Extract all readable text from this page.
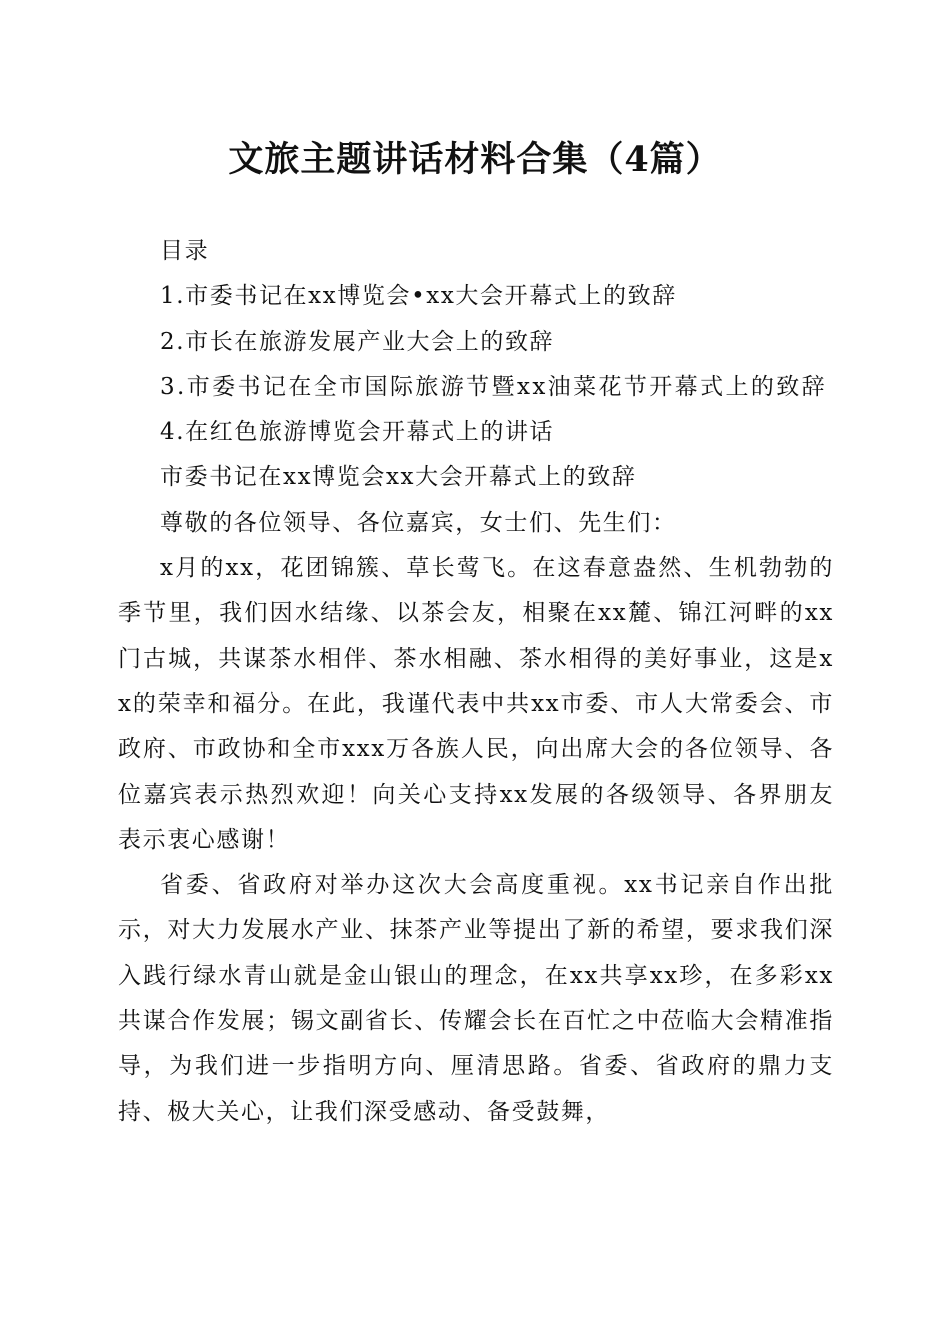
文旅主题讲话材料合集（4篇）

目录

1.市委书记在xx博览会•xx大会开幕式上的致辞

2.市长在旅游发展产业大会上的致辞

3.市委书记在全市国际旅游节暨xx油菜花节开幕式上的致辞

4.在红色旅游博览会开幕式上的讲话

市委书记在xx博览会xx大会开幕式上的致辞

尊敬的各位领导、各位嘉宾，女士们、先生们：

x月的xx，花团锦簇、草长莺飞。在这春意盎然、生机勃勃的季节里，我们因水结缘、以茶会友，相聚在xx麓、锦江河畔的xx门古城，共谋茶水相伴、茶水相融、茶水相得的美好事业，这是xx的荣幸和福分。在此，我谨代表中共xx市委、市人大常委会、市政府、市政协和全市xxx万各族人民，向出席大会的各位领导、各位嘉宾表示热烈欢迎！向关心支持xx发展的各级领导、各界朋友表示衷心感谢！

省委、省政府对举办这次大会高度重视。xx书记亲自作出批示，对大力发展水产业、抹茶产业等提出了新的希望，要求我们深入践行绿水青山就是金山银山的理念，在xx共享xx珍，在多彩xx共谋合作发展；锡文副省长、传耀会长在百忙之中莅临大会精准指导，为我们进一步指明方向、厘清思路。省委、省政府的鼎力支持、极大关心，让我们深受感动、备受鼓舞，
